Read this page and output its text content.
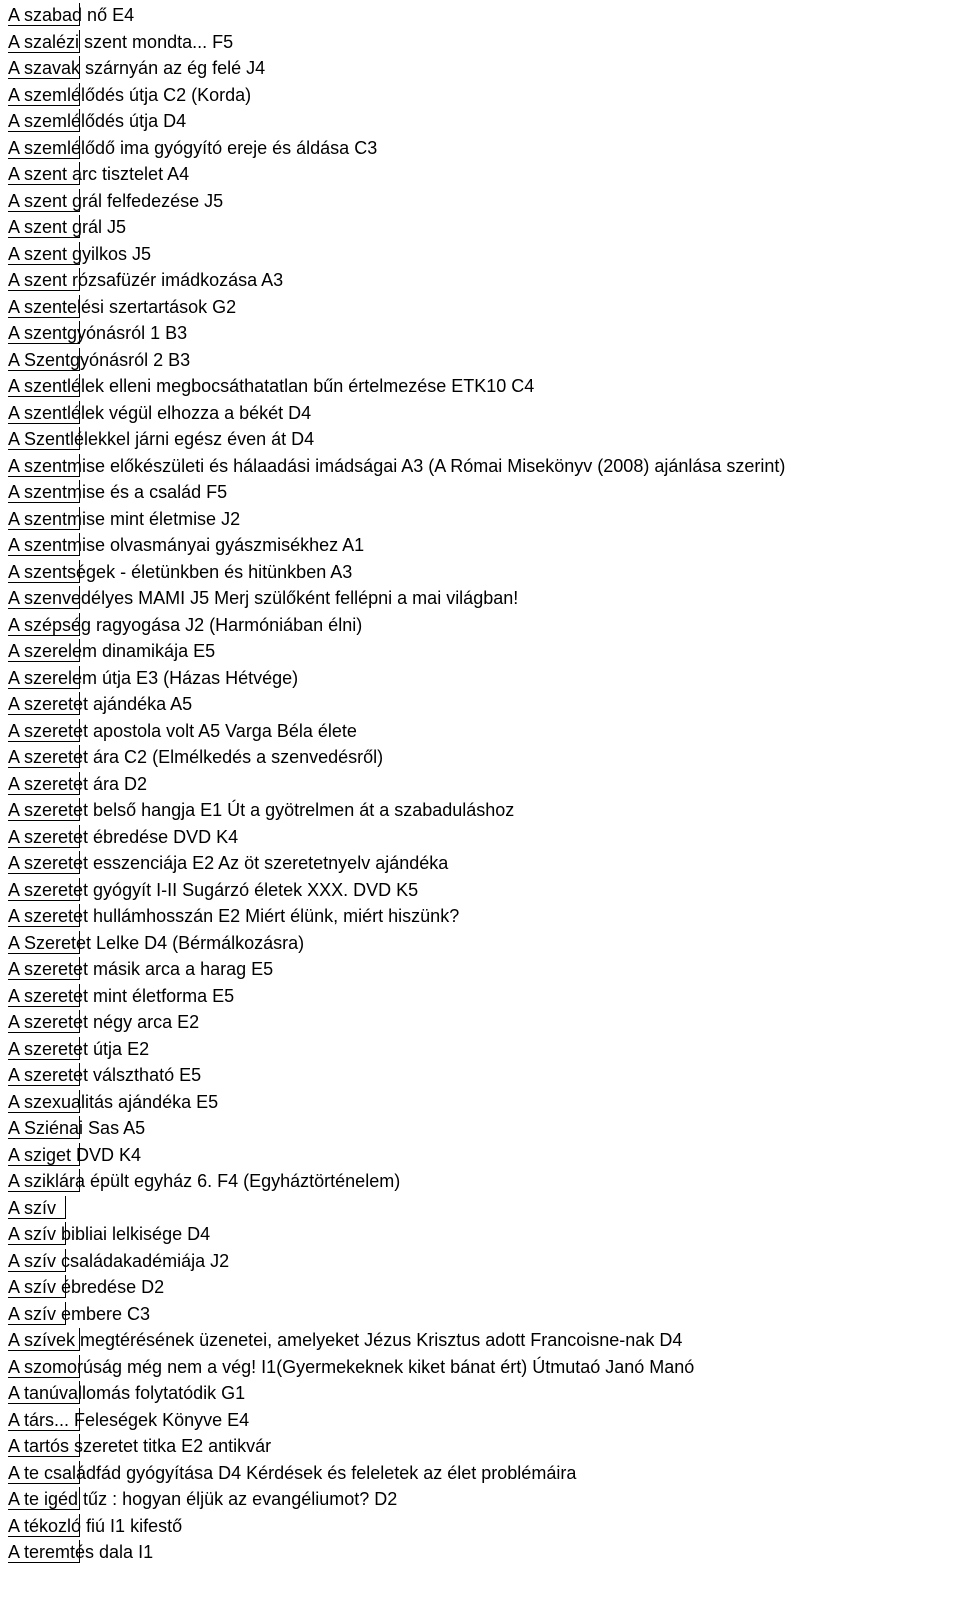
A szabad nő E4
A szalézi szent mondta... F5
A szavak szárnyán az ég felé J4
A szemlélődés útja C2 (Korda)
A szemlélődés útja D4
A szemlélődő ima gyógyító ereje és áldása C3
A szent arc tisztelet A4
A szent grál felfedezése J5
A szent grál J5
A szent gyilkos J5
A szent rózsafüzér imádkozása A3
A szentelési szertartások G2
A szentgyónásról 1 B3
A Szentgyónásról 2 B3
A szentlélek elleni megbocsáthatatlan bűn értelmezése ETK10 C4
A szentlélek végül elhozza a békét D4
A Szentlélekkel járni egész éven át D4
A szentmise előkészületi és hálaadási imádságai A3 (A Római Misekönyv (2008) ajánlása szerint)
A szentmise és a család F5
A szentmise mint életmise J2
A szentmise olvasmányai gyászmisékhez A1
A szentségek - életünkben és hitünkben A3
A szenvedélyes MAMI J5 Merj szülőként fellépni a mai világban!
A szépség ragyogása J2 (Harmóniában élni)
A szerelem dinamikája E5
A szerelem útja E3 (Házas Hétvége)
A szeretet ajándéka A5
A szeretet apostola volt A5 Varga Béla élete
A szeretet ára C2 (Elmélkedés a szenvedésről)
A szeretet ára D2
A szeretet belső hangja E1 Út a gyötrelmen át a szabaduláshoz
A szeretet ébredése DVD K4
A szeretet esszenciája E2 Az öt szeretetnyelv ajándéka
A szeretet gyógyít I-II Sugárzó életek XXX. DVD K5
A szeretet hullámhosszán E2 Miért élünk, miért hiszünk?
A Szeretet Lelke D4 (Bérmálkozásra)
A szeretet másik arca a harag E5
A szeretet mint életforma E5
A szeretet négy arca E2
A szeretet útja E2
A szeretet válsztható E5
A szexualitás ajándéka E5
A Sziénai Sas A5
A sziget DVD K4
A sziklára épült egyház 6. F4 (Egyháztörténelem)
A szív
A szív bibliai lelkisége D4
A szív családakadémiája J2
A szív ébredése D2
A szív embere C3
A szívek megtérésének üzenetei, amelyeket Jézus Krisztus adott Francoisne-nak D4
A szomorúság még nem a vég! I1(Gyermekeknek kiket bánat ért) Útmutaó Janó Manó
A tanúvallomás folytatódik G1
A társ... Feleségek Könyve E4
A tartós szeretet titka E2 antikvár
A te családfád gyógyítása D4 Kérdések és feleletek az élet problémáira
A te igéd tűz : hogyan éljük az evangéliumot? D2
A tékozló fiú I1 kifestő
A teremtés dala I1
